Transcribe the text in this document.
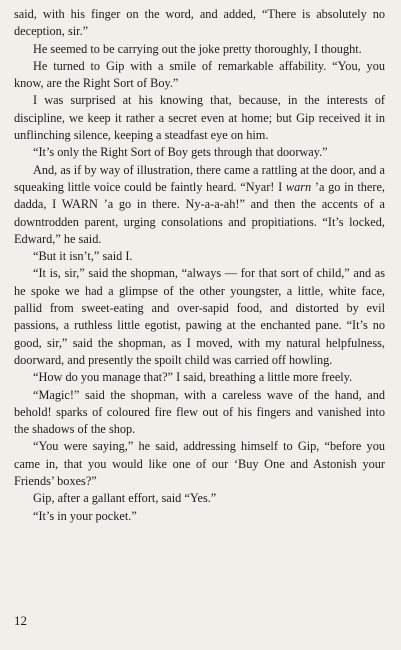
said, with his finger on the word, and added, “There is absolutely no deception, sir.”

He seemed to be carrying out the joke pretty thoroughly, I thought.

He turned to Gip with a smile of remarkable affability. “You, you know, are the Right Sort of Boy.”

I was surprised at his knowing that, because, in the interests of discipline, we keep it rather a secret even at home; but Gip received it in unflinching silence, keeping a steadfast eye on him.

“It’s only the Right Sort of Boy gets through that doorway.”

And, as if by way of illustration, there came a rattling at the door, and a squeaking little voice could be faintly heard. “Nyar! I warn ’a go in there, dadda, I WARN ’a go in there. Ny-a-a-ah!” and then the accents of a downtrodden parent, urging consolations and propitiations. “It’s locked, Edward,” he said.

“But it isn’t,” said I.

“It is, sir,” said the shopman, “always — for that sort of child,” and as he spoke we had a glimpse of the other youngster, a little, white face, pallid from sweet-eating and over-sapid food, and distorted by evil passions, a ruthless little egotist, pawing at the enchanted pane. “It’s no good, sir,” said the shopman, as I moved, with my natural helpfulness, doorward, and presently the spoilt child was carried off howling.

“How do you manage that?” I said, breathing a little more freely.

“Magic!” said the shopman, with a careless wave of the hand, and behold! sparks of coloured fire flew out of his fingers and vanished into the shadows of the shop.

“You were saying,” he said, addressing himself to Gip, “before you came in, that you would like one of our ‘Buy One and Astonish your Friends’ boxes?”

Gip, after a gallant effort, said “Yes.”

“It’s in your pocket.”

12
